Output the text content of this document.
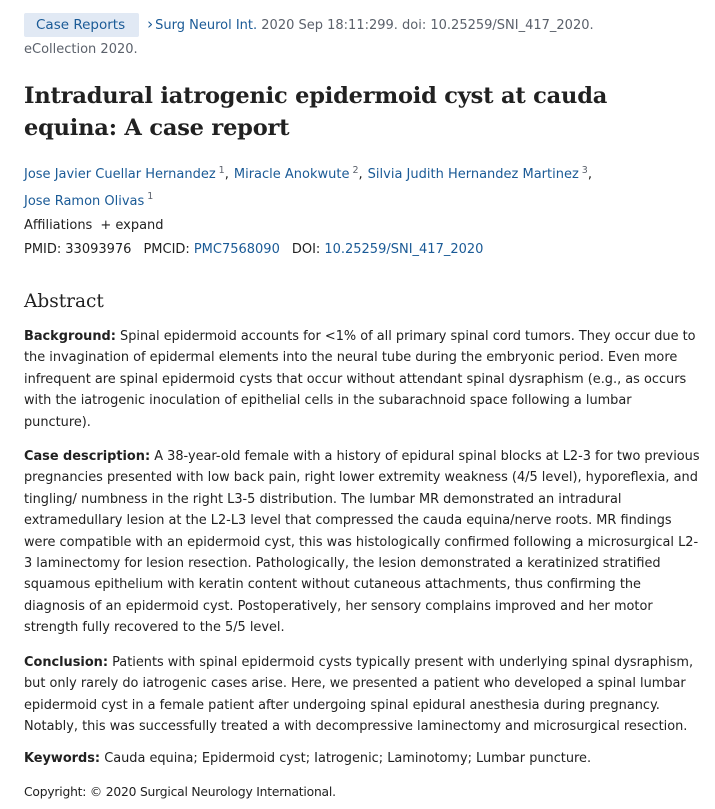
Case Reports › Surg Neurol Int. 2020 Sep 18:11:299. doi: 10.25259/SNI_417_2020.
eCollection 2020.
Intradural iatrogenic epidermoid cyst at cauda equina: A case report
Jose Javier Cuellar Hernandez $^1$, Miracle Anokwute $^2$, Silvia Judith Hernandez Martinez $^3$,
Jose Ramon Olivas $^1$
Affiliations + expand
PMID: 33093976 PMCID: PMC7568090 DOI: 10.25259/SNI_417_2020
Abstract

Background: Spinal epidermoid accounts for <1% of all primary spinal cord tumors. They occur due to the invagination of epidermal elements into the neural tube during the embryonic period. Even more infrequent are spinal epidermoid cysts that occur without attendant spinal dysraphism (e.g., as occurs with the iatrogenic inoculation of epithelial cells in the subarachnoid space following a lumbar puncture).

Case description: A 38-year-old female with a history of epidural spinal blocks at L2-3 for two previous pregnancies presented with low back pain, right lower extremity weakness (4/5 level), hyporeflexia, and tingling/ numbness in the right L3-5 distribution. The lumbar MR demonstrated an intradural extramedullary lesion at the L2-L3 level that compressed the cauda equina/nerve roots. MR findings were compatible with an epidermoid cyst, this was histologically confirmed following a microsurgical L2-3 laminectomy for lesion resection. Pathologically, the lesion demonstrated a keratinized stratified squamous epithelium with keratin content without cutaneous attachments, thus confirming the diagnosis of an epidermoid cyst. Postoperatively, her sensory complains improved and her motor strength fully recovered to the 5/5 level.

Conclusion: Patients with spinal epidermoid cysts typically present with underlying spinal dysraphism, but only rarely do iatrogenic cases arise. Here, we presented a patient who developed a spinal lumbar epidermoid cyst in a female patient after undergoing spinal epidural anesthesia during pregnancy. Notably, this was successfully treated a with decompressive laminectomy and microsurgical resection.

Keywords: Cauda equina; Epidermoid cyst; Iatrogenic; Laminotomy; Lumbar puncture.

Copyright: © 2020 Surgical Neurology International.
